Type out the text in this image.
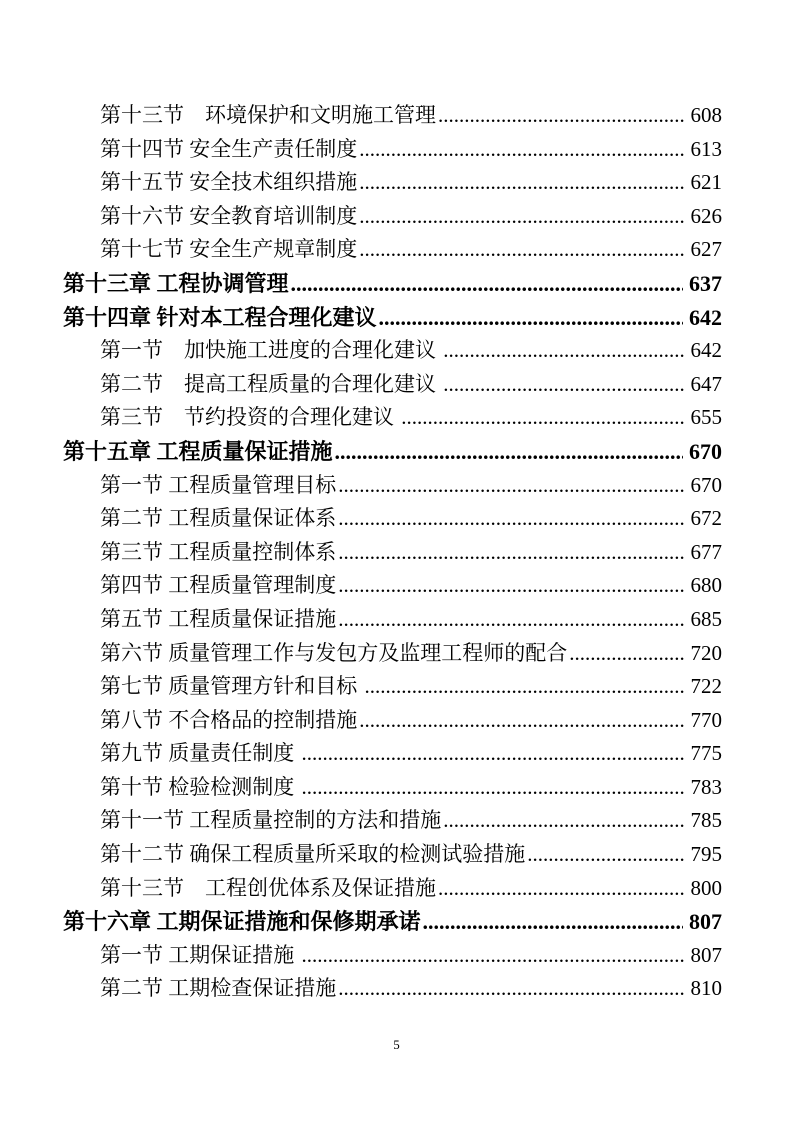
第十三节　环境保护和文明施工管理 .....	608
第十四节 安全生产责任制度 .....	613
第十五节 安全技术组织措施 .....	621
第十六节 安全教育培训制度 .....	626
第十七节 安全生产规章制度 .....	627
第十三章 工程协调管理 .....	637
第十四章 针对本工程合理化建议 .....	642
第一节　加快施工进度的合理化建议 .....	642
第二节　提高工程质量的合理化建议 .....	647
第三节　节约投资的合理化建议 .....	655
第十五章 工程质量保证措施 .....	670
第一节 工程质量管理目标 .....	670
第二节 工程质量保证体系 .....	672
第三节 工程质量控制体系 .....	677
第四节 工程质量管理制度 .....	680
第五节 工程质量保证措施 .....	685
第六节 质量管理工作与发包方及监理工程师的配合 .....	720
第七节 质量管理方针和目标 .....	722
第八节 不合格品的控制措施 .....	770
第九节 质量责任制度 .....	775
第十节 检验检测制度 .....	783
第十一节 工程质量控制的方法和措施 .....	785
第十二节 确保工程质量所采取的检测试验措施 .....	795
第十三节　工程创优体系及保证措施 .....	800
第十六章 工期保证措施和保修期承诺 .....	807
第一节 工期保证措施 .....	807
第二节 工期检查保证措施 .....	810
5
